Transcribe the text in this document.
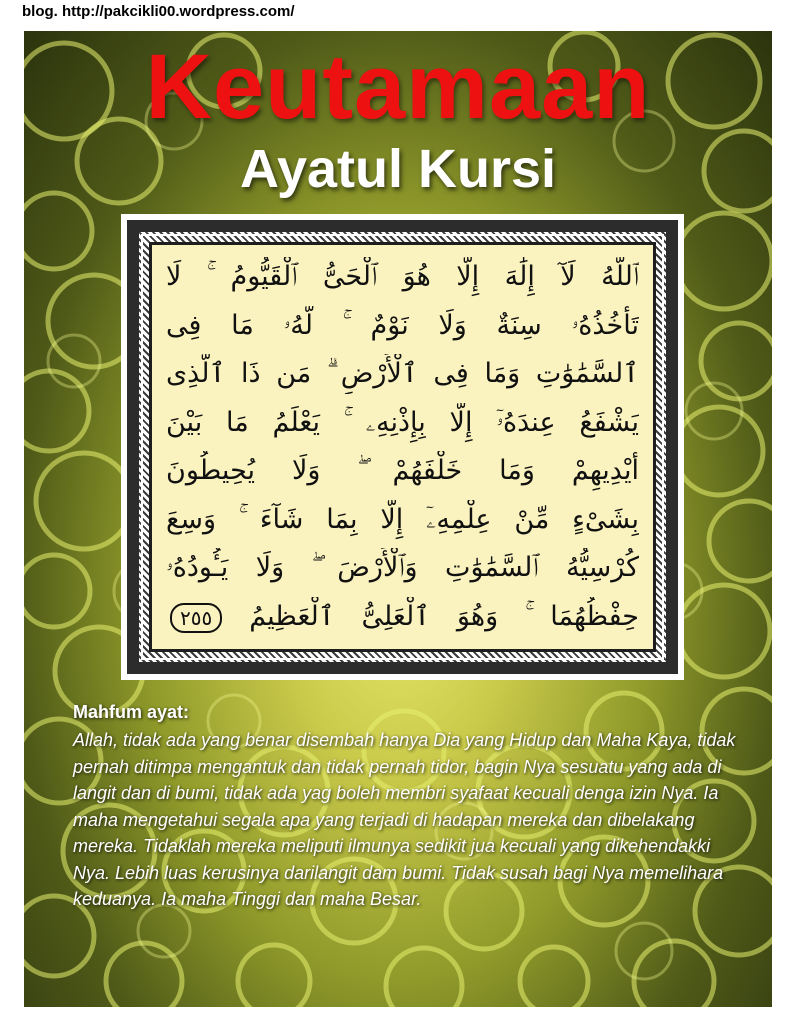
blog. http://pakcikli00.wordpress.com/
Keutamaan
Ayatul Kursi
ٱللَّهُ لَآ إِلَٰهَ إِلَّا هُوَ ٱلْحَىُّ ٱلْقَيُّومُ ۚ لَا
تَأْخُذُهُۥ سِنَةٌ وَلَا نَوْمٌ ۚ لَّهُۥ مَا فِى
ٱلسَّمَٰوَٰتِ وَمَا فِى ٱلْأَرْضِ ۗ مَن ذَا ٱلَّذِى
يَشْفَعُ عِندَهُۥٓ إِلَّا بِإِذْنِهِۦ ۚ يَعْلَمُ مَا بَيْنَ
أَيْدِيهِمْ وَمَا خَلْفَهُمْ ۖ وَلَا يُحِيطُونَ
بِشَىْءٍ مِّنْ عِلْمِهِۦٓ إِلَّا بِمَا شَآءَ ۚ وَسِعَ
كُرْسِيُّهُ ٱلسَّمَٰوَٰتِ وَٱلْأَرْضَ ۖ وَلَا يَـُٔودُهُۥ
حِفْظُهُمَا ۚ وَهُوَ ٱلْعَلِىُّ ٱلْعَظِيمُ ٢٥٥
Mahfum ayat:
Allah, tidak ada yang benar disembah hanya Dia yang Hidup dan Maha Kaya, tidak pernah ditimpa mengantuk dan tidak pernah tidor, bagin Nya sesuatu yang ada di langit dan di bumi, tidak ada yag boleh membri syafaat kecuali denga izin Nya. Ia maha mengetahui segala apa yang terjadi di hadapan mereka dan dibelakang mereka. Tidaklah mereka meliputi ilmunya sedikit jua kecuali yang dikehendakki Nya. Lebih luas kerusinya darilangit dam bumi. Tidak susah bagi Nya memelihara keduanya. Ia maha Tinggi dan maha Besar.
